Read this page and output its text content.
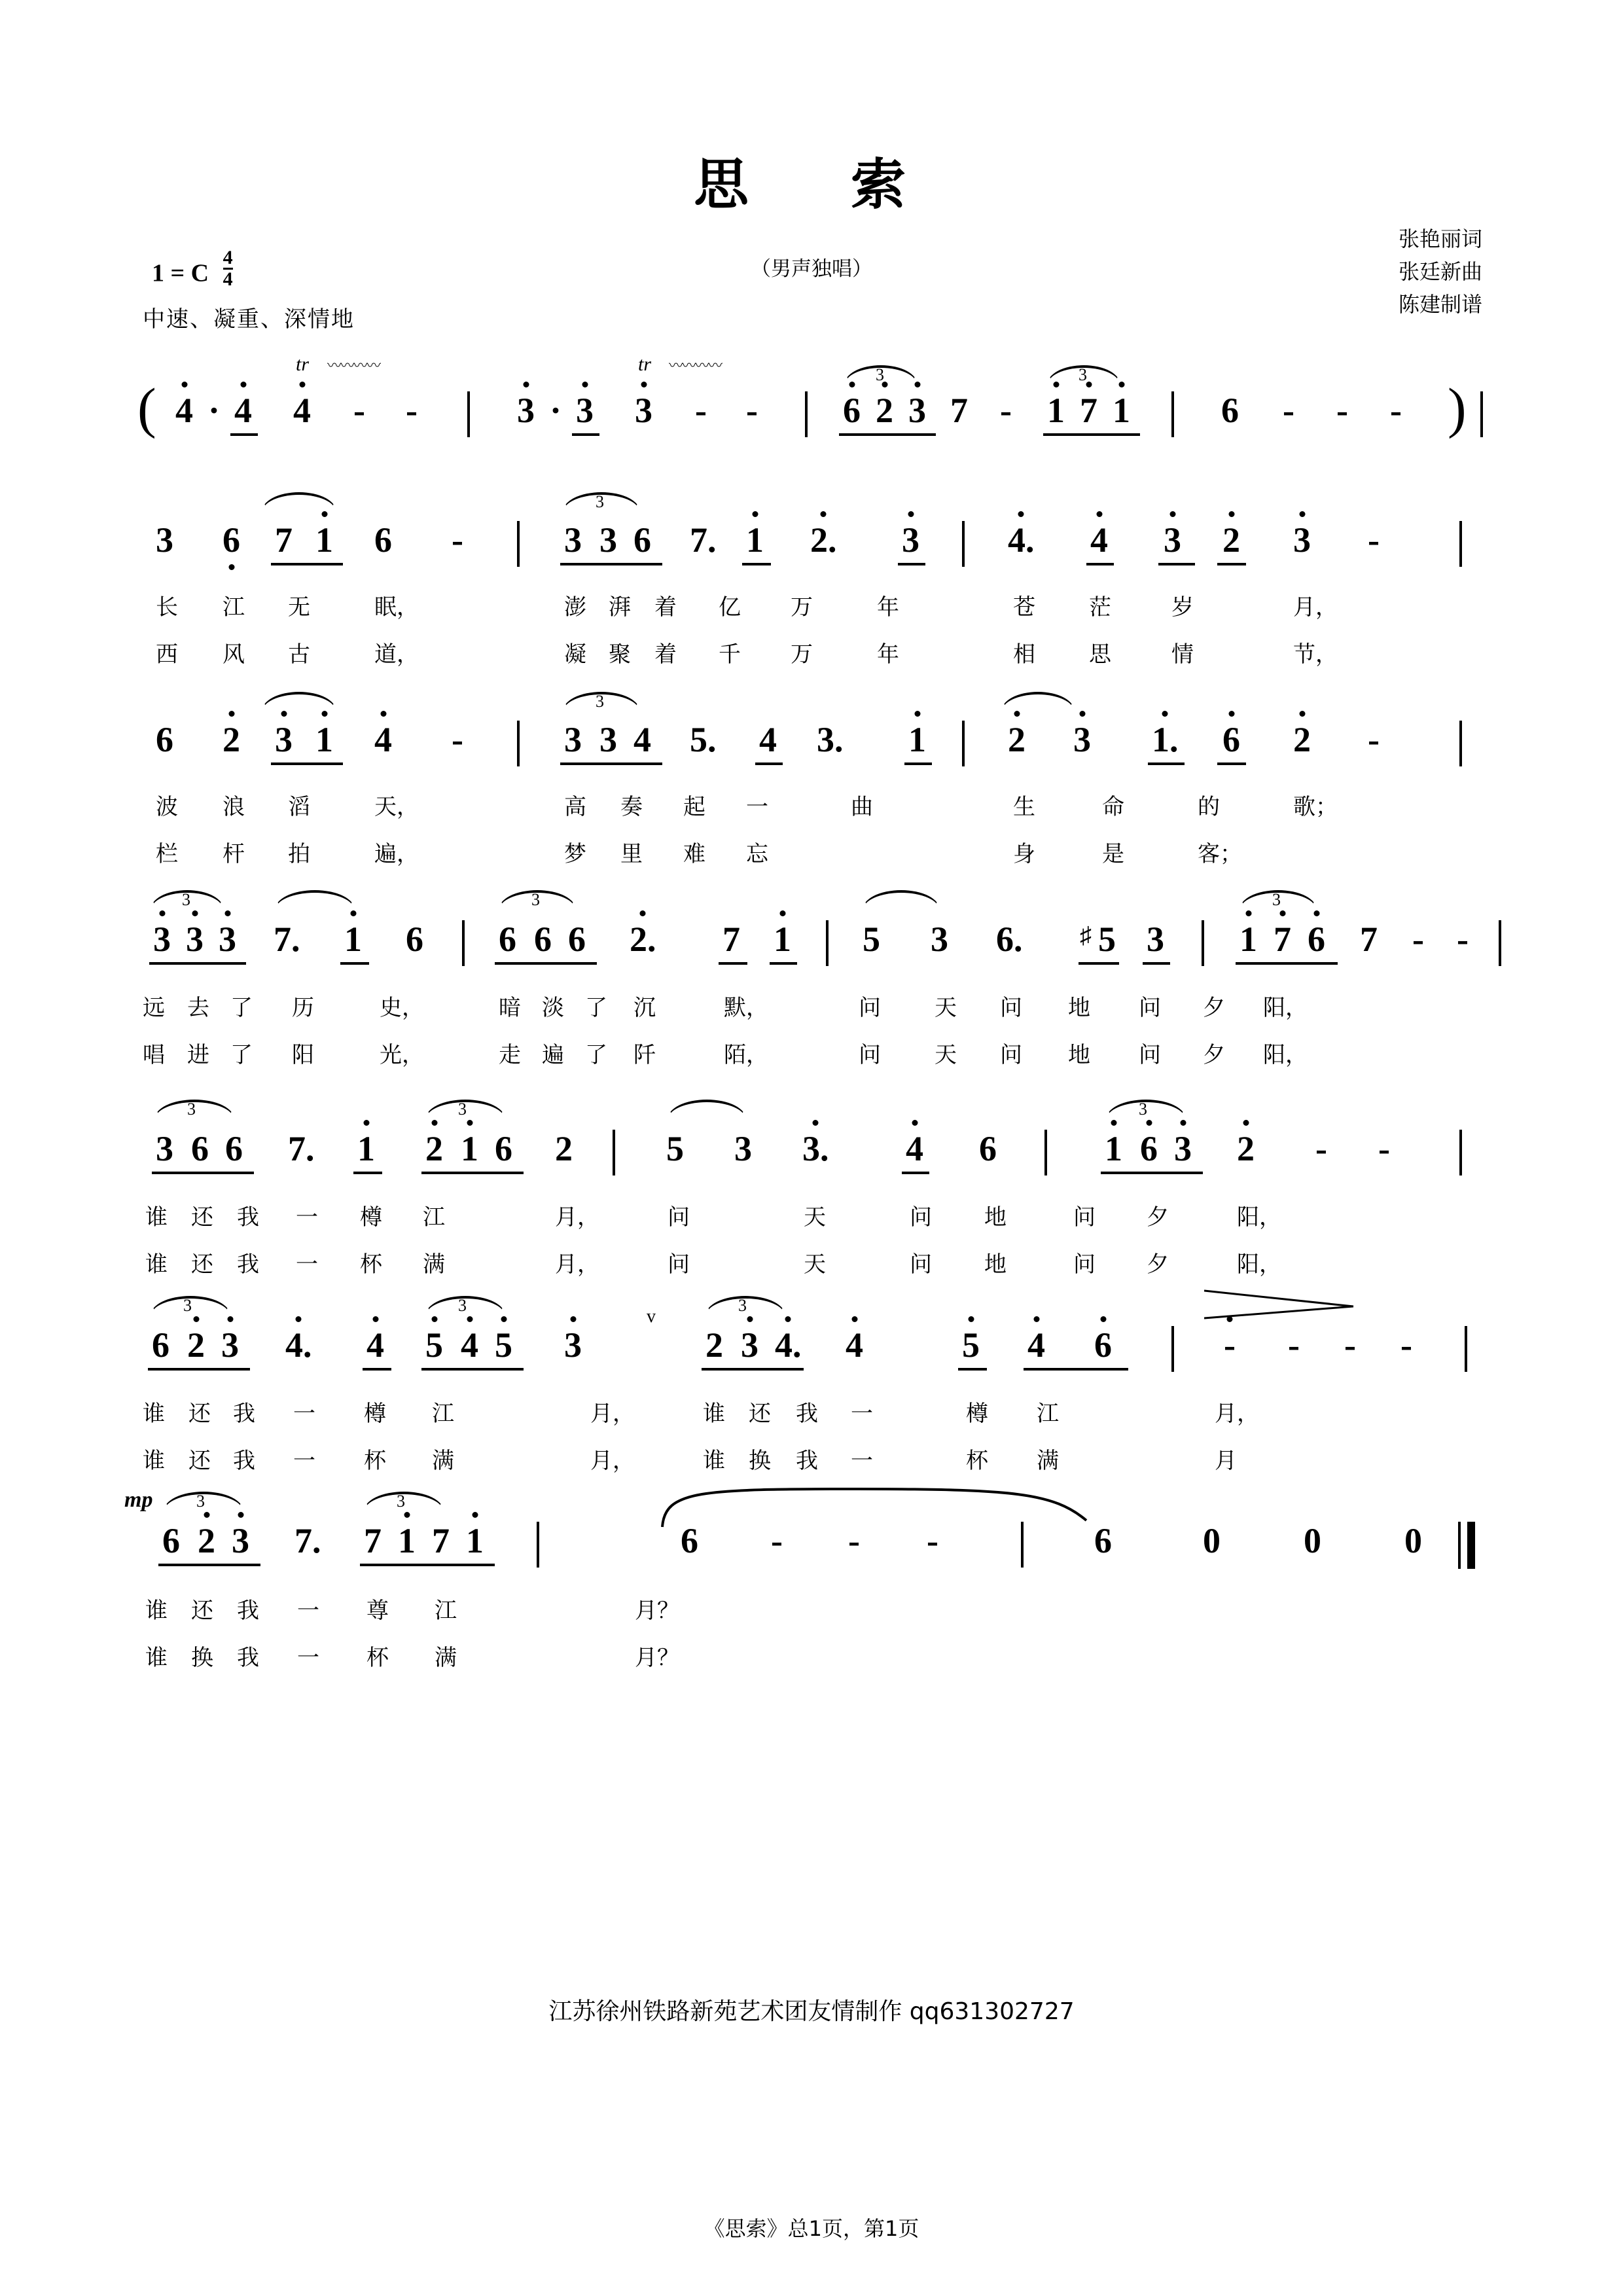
思　索
（男声独唱）
张艳丽词
张廷新曲
陈建制谱
1 = C $\frac{4}{4}$
中速、凝重、深情地
(
tr 〰〰〰〰	tr 〰〰〰〰
4 · 4 4 - -	3 · 3 3 - -
3
6 2 3 7 -
3
1 7 1	6 - - - )
3 6 7 1 6 -
3
3 3 6 7. 1 2. 3	4. 4 3 2 3 -
长 江 无	眠，	澎 湃 着 亿 万	年	苍 茫	岁	月，
西 风 古	道，	凝 聚 着 千 万	年	相 思	情	节，
6 2 3 1 4 -
3
3 3 4 5. 4 3. 1 2 3 1. 6 2 -
波 浪 滔	天，	高 奏 起 一	曲	生	命	的	歌；
栏 杆 拍	遍，	梦 里 难 忘	身	是	客；
3
3 3 3 7. 1 6
3
6 6 6 2. 7 1 5 3 6. ♯ 5 3
3
1 7 6 7 - -
远 去 了 历	史，	暗 淡 了 沉	默，	问 天 问 地 问 夕 阳，
唱 进 了 阳	光，	走 遍 了 阡	陌，	问 天 问 地 问 夕 阳，
3
3 6 6 7. 1
3
2 1 6 2	5 3 3. 4 6
3
1 6 3 2 - -
谁 还 我 一 樽 江	月，	问	天	问 地	问 夕	阳，
谁 还 我 一 杯 满	月，	问	天	问 地	问 夕	阳，
3
6 2 3 4. 4
3
5 4 5 3
v
3
2 3 4. 4	5 4 6	- - - -
谁 还 我 一 樽 江	月，	谁 还 我 一	樽 江	月，
谁 还 我 一 杯 满	月，	谁 换 我 一	杯 满	月
mp	3
6 2 3 7.
3
7 1 7 1	6 - - -	6	0 0 0
谁 还 我 一 尊 江	月？
谁 换 我 一 杯 满	月？
江苏徐州铁路新苑艺术团友情制作 qq631302727
《思索》总1页，第1页
